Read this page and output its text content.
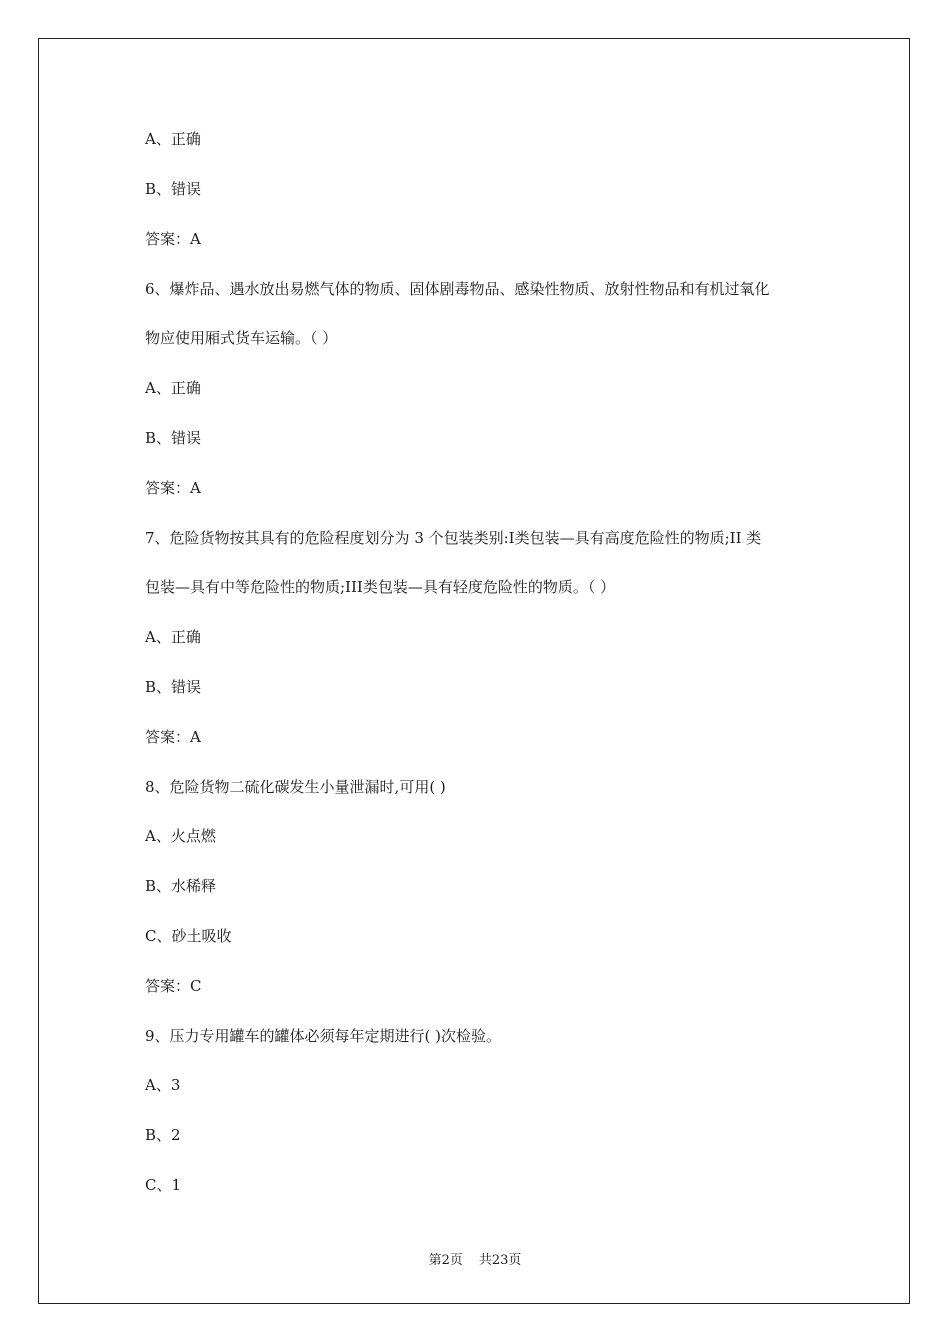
A、正确
B、错误
答案：A
6、爆炸品、遇水放出易燃气体的物质、固体剧毒物品、感染性物质、放射性物品和有机过氧化
物应使用厢式货车运输。（ ）
A、正确
B、错误
答案：A
7、危险货物按其具有的危险程度划分为 3 个包装类别:I类包装—具有高度危险性的物质;II 类
包装—具有中等危险性的物质;III类包装—具有轻度危险性的物质。（ ）
A、正确
B、错误
答案：A
8、危险货物二硫化碳发生小量泄漏时,可用( )
A、火点燃
B、水稀释
C、砂土吸收
答案：C
9、压力专用罐车的罐体必须每年定期进行( )次检验。
A、3
B、2
C、1
第2页 共23页
